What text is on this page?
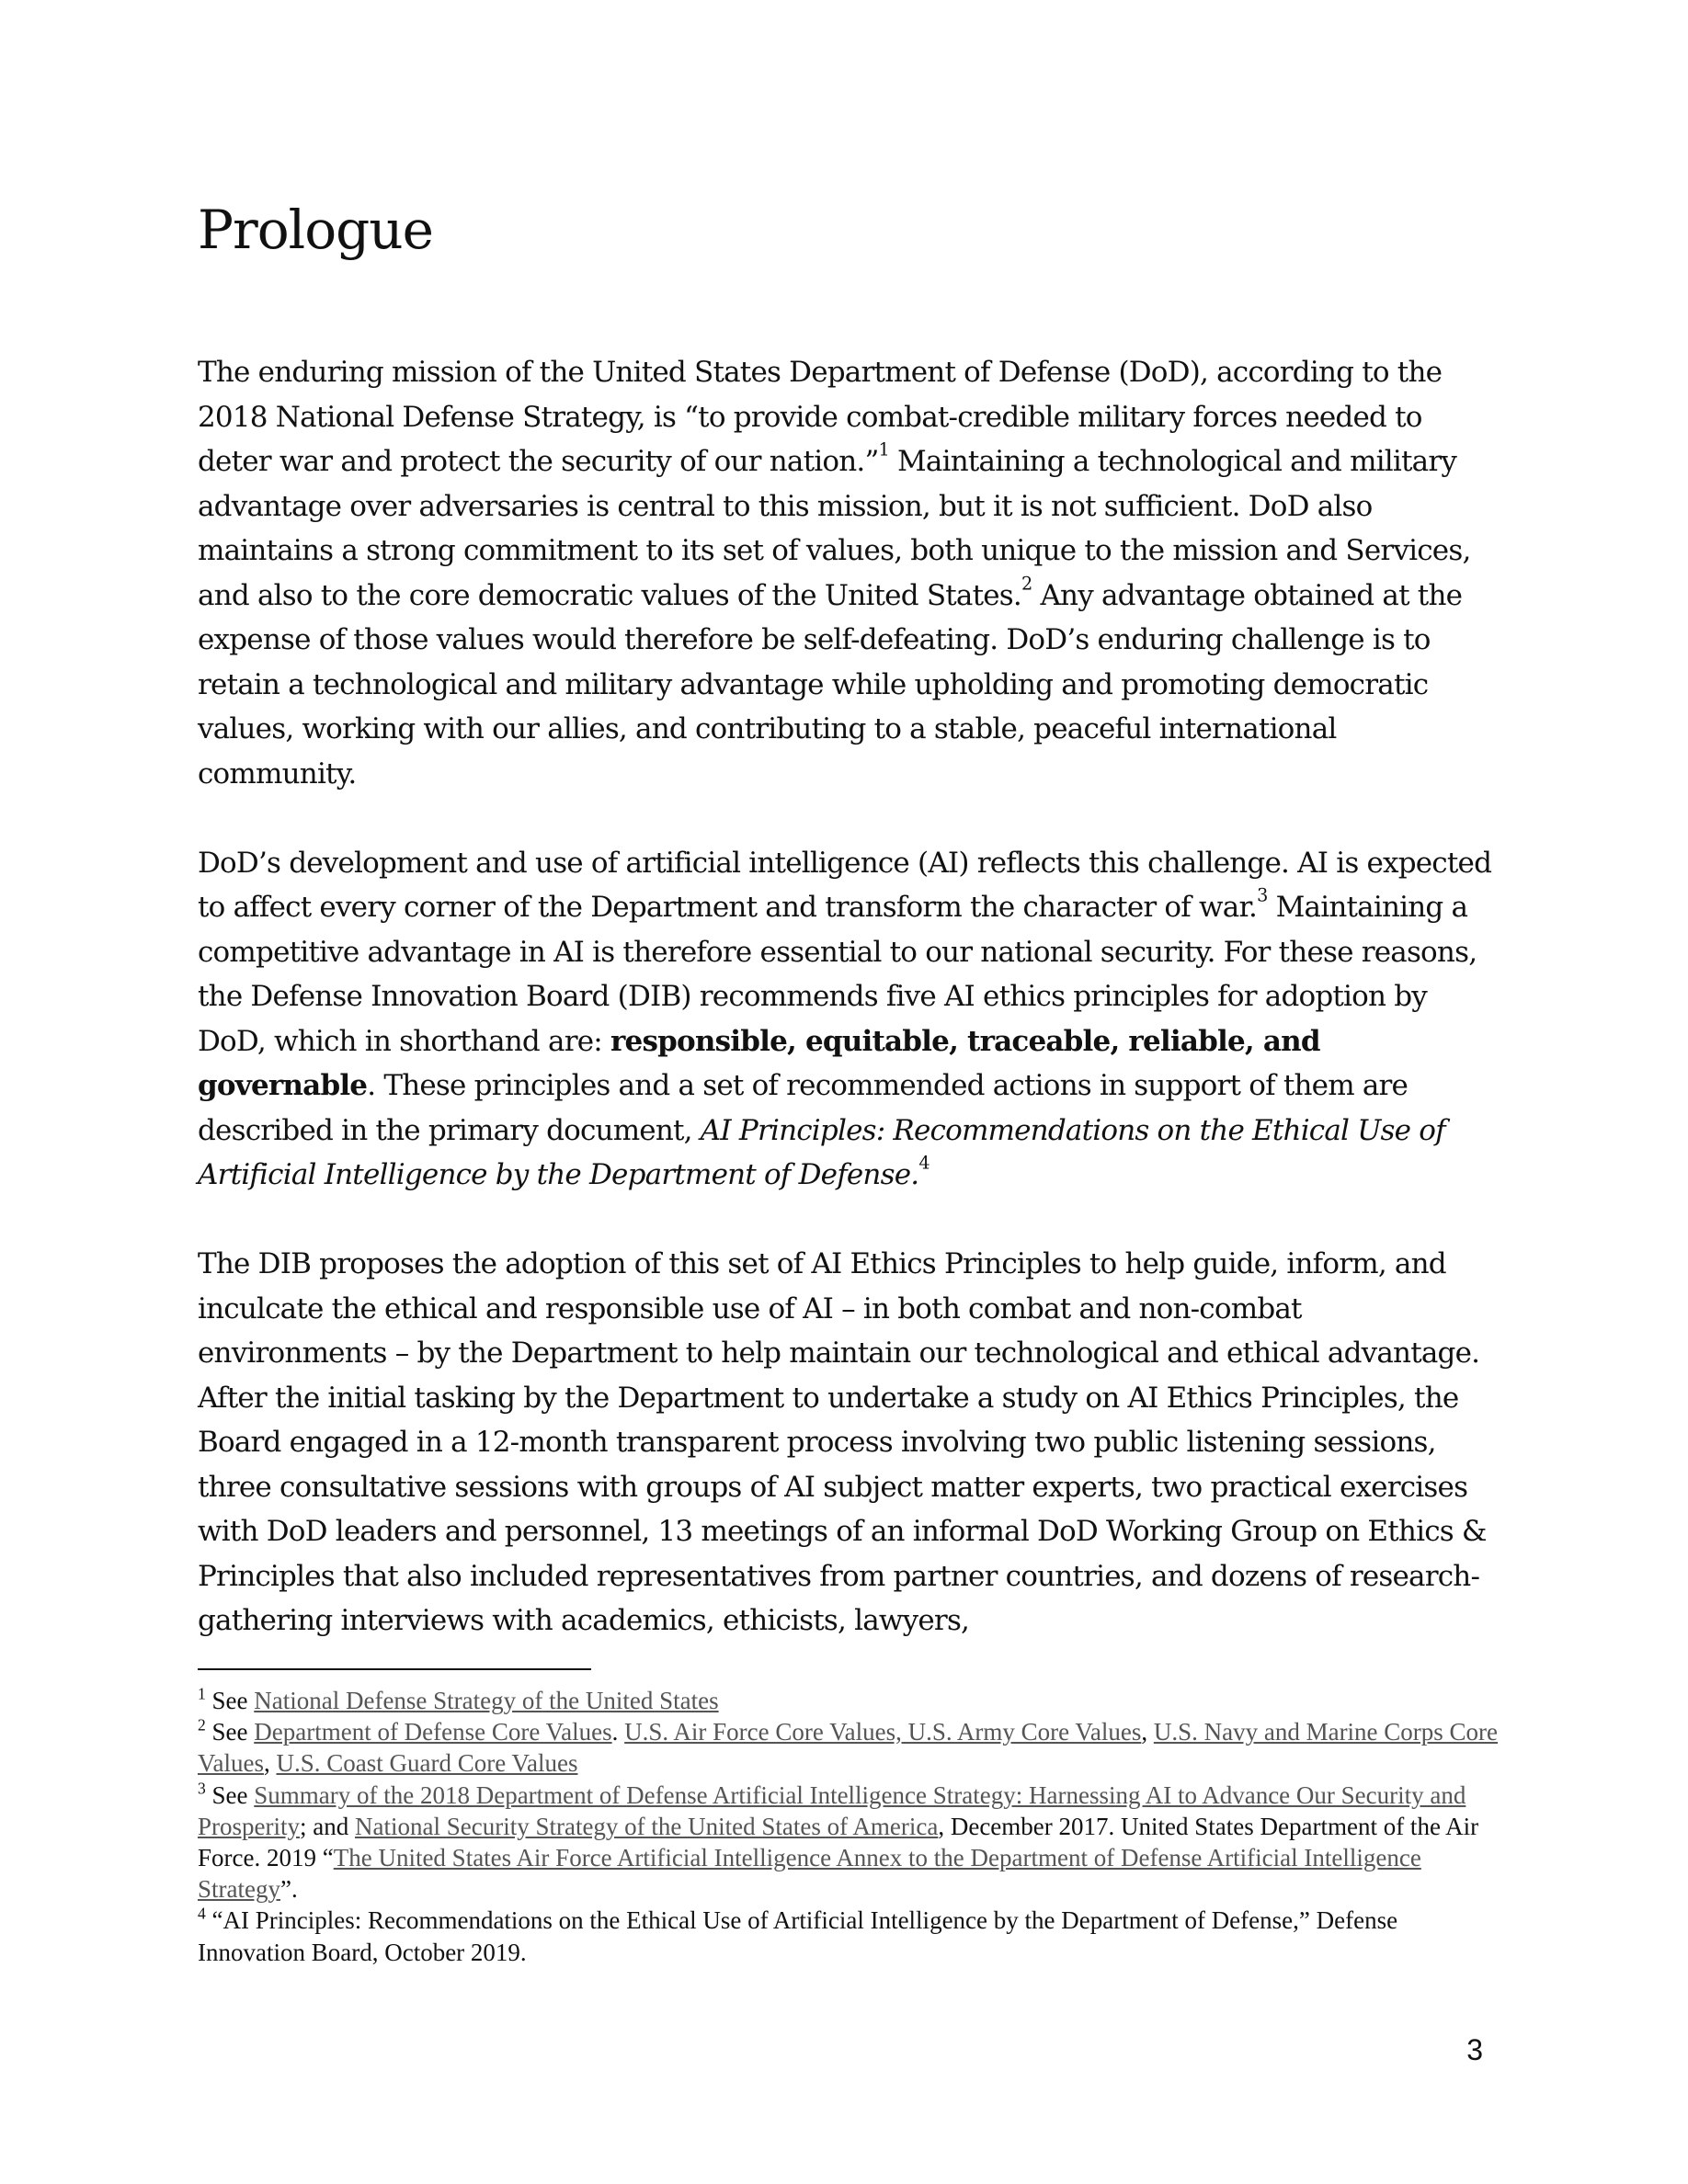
Prologue

The enduring mission of the United States Department of Defense (DoD), according to the 2018 National Defense Strategy, is “to provide combat-credible military forces needed to deter war and protect the security of our nation.”$^1$ Maintaining a technological and military advantage over adversaries is central to this mission, but it is not sufficient. DoD also maintains a strong commitment to its set of values, both unique to the mission and Services, and also to the core democratic values of the United States.$^2$ Any advantage obtained at the expense of those values would therefore be self-defeating. DoD’s enduring challenge is to retain a technological and military advantage while upholding and promoting democratic values, working with our allies, and contributing to a stable, peaceful international community.

DoD’s development and use of artificial intelligence (AI) reflects this challenge. AI is expected to affect every corner of the Department and transform the character of war.$^3$ Maintaining a competitive advantage in AI is therefore essential to our national security. For these reasons, the Defense Innovation Board (DIB) recommends five AI ethics principles for adoption by DoD, which in shorthand are: responsible, equitable, traceable, reliable, and governable. These principles and a set of recommended actions in support of them are described in the primary document, AI Principles: Recommendations on the Ethical Use of Artificial Intelligence by the Department of Defense.$^4$

The DIB proposes the adoption of this set of AI Ethics Principles to help guide, inform, and inculcate the ethical and responsible use of AI – in both combat and non-combat environments – by the Department to help maintain our technological and ethical advantage. After the initial tasking by the Department to undertake a study on AI Ethics Principles, the Board engaged in a 12-month transparent process involving two public listening sessions, three consultative sessions with groups of AI subject matter experts, two practical exercises with DoD leaders and personnel, 13 meetings of an informal DoD Working Group on Ethics & Principles that also included representatives from partner countries, and dozens of research-gathering interviews with academics, ethicists, lawyers,

$^1$ See National Defense Strategy of the United States

$^2$ See Department of Defense Core Values. U.S. Air Force Core Values, U.S. Army Core Values, U.S. Navy and Marine Corps Core Values, U.S. Coast Guard Core Values

$^3$ See Summary of the 2018 Department of Defense Artificial Intelligence Strategy: Harnessing AI to Advance Our Security and Prosperity; and National Security Strategy of the United States of America, December 2017. United States Department of the Air Force. 2019 “The United States Air Force Artificial Intelligence Annex to the Department of Defense Artificial Intelligence Strategy”.

$^4$ “AI Principles: Recommendations on the Ethical Use of Artificial Intelligence by the Department of Defense,” Defense Innovation Board, October 2019.

3
